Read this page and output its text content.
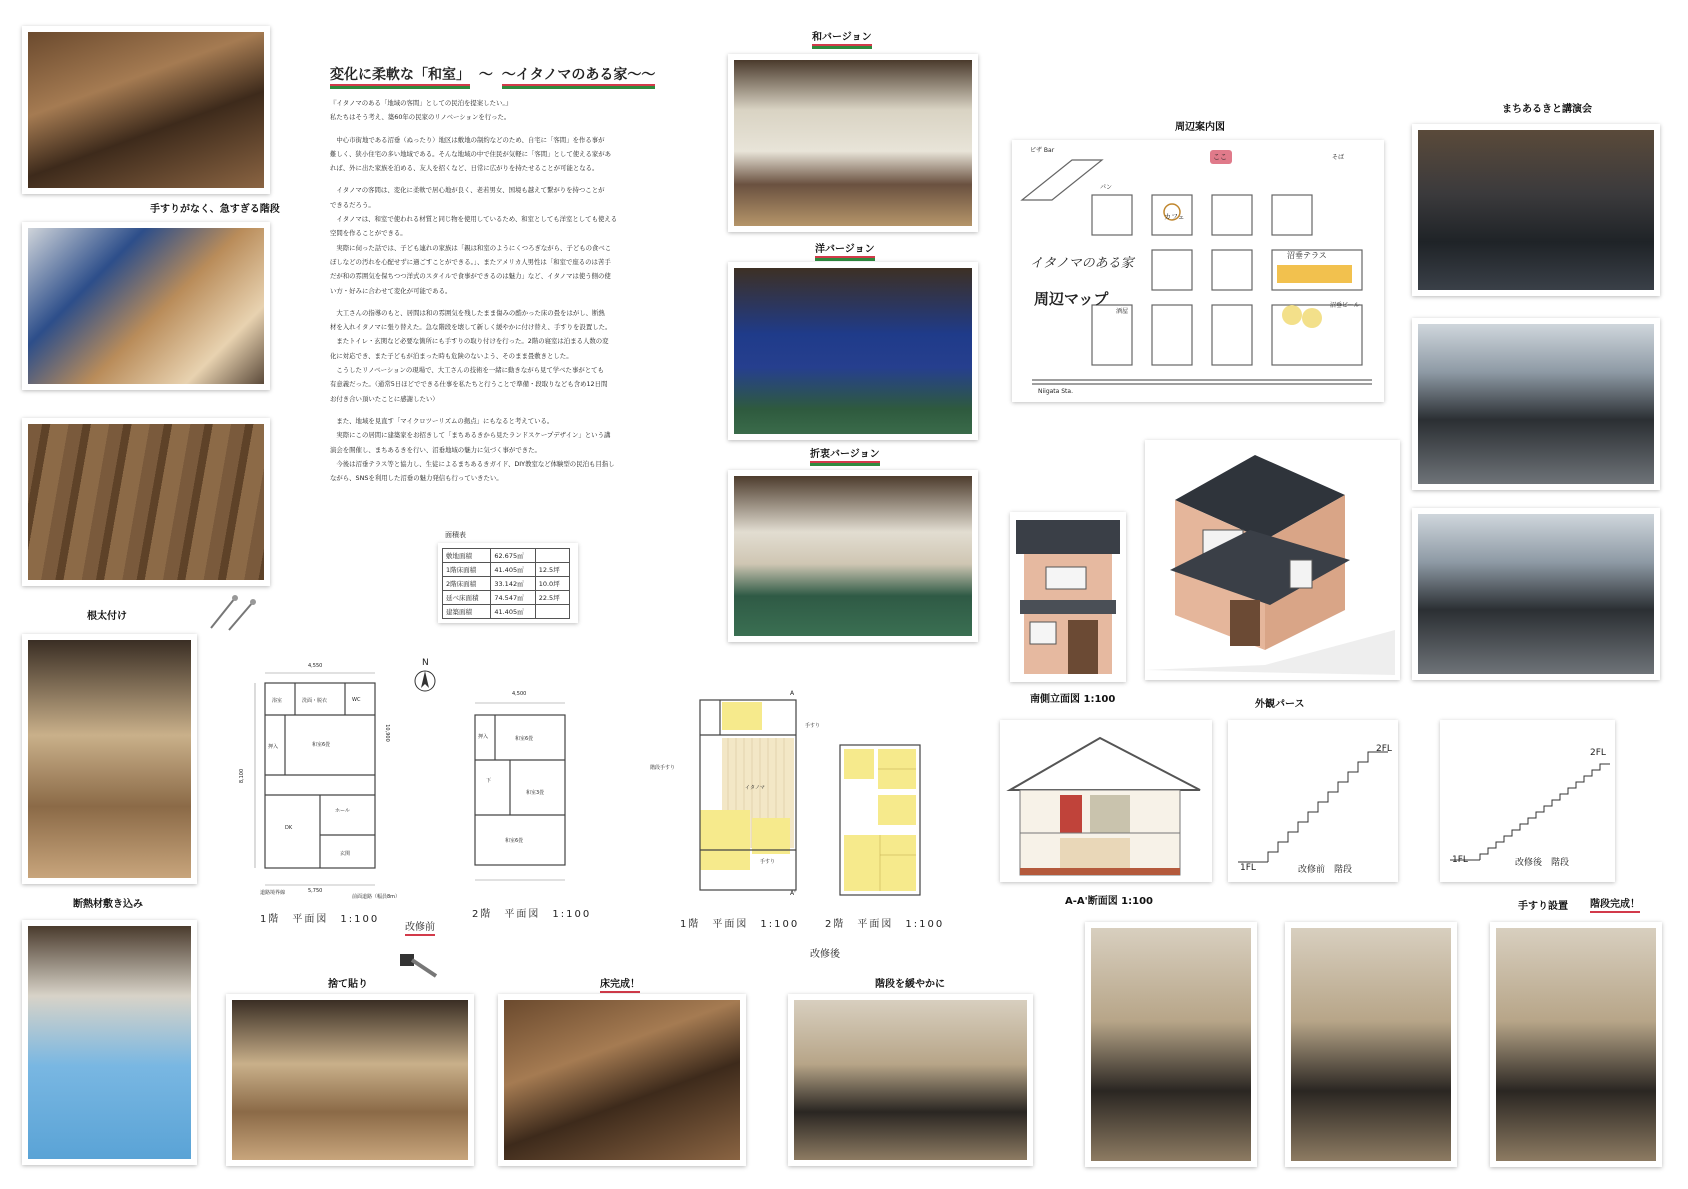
変化に柔軟な「和室」 〜 〜イタノマのある家〜〜

『イタノマのある「地域の客間」としての民泊を提案したい。』

私たちはそう考え、築60年の民家のリノベーションを行った。

　中心市街地である沼垂（ぬったり）地区は敷地の制約などのため、自宅に「客間」を作る事が

難しく、狭小住宅の多い地域である。そんな地域の中で住民が気軽に「客間」として使える家があ

れば、外に出た家族を泊める、友人を招くなど、日常に広がりを持たせることが可能となる。

　イタノマの客間は、変化に柔軟で居心地が良く、老若男女、国境も越えて繋がりを持つことが

できるだろう。

　イタノマは、和室で使われる材質と同じ物を使用しているため、和室としても洋室としても使える

空間を作ることができる。

　実際に伺った話では、子ども連れの家族は「親は和室のようにくつろぎながら、子どもの食べこ

ぼしなどの汚れを心配せずに過ごすことができる。」、またアメリカ人男性は「和室で座るのは苦手

だが和の雰囲気を保ちつつ洋式のスタイルで食事ができるのは魅力」など、イタノマは使う側の使

い方・好みに合わせて変化が可能である。

　大工さんの指導のもと、居間は和の雰囲気を残したまま傷みの酷かった床の畳をはがし、断熱

材を入れイタノマに張り替えた。急な階段を壊して新しく緩やかに付け替え、手すりを設置した。

　またトイレ・玄関など必要な箇所にも手すりの取り付けを行った。2階の寝室は泊まる人数の変

化に対応でき、また子どもが泊まった時も危険のないよう、そのまま畳敷きとした。

　こうしたリノベーションの現場で、大工さんの技術を一緒に動きながら見て学べた事がとても

有意義だった。（通常5日ほどでできる仕事を私たちと行うことで準備・段取りなども含め12日間

お付き合い頂いたことに感謝したい）

　また、地域を見直す「マイクロツーリズムの拠点」にもなると考えている。

　実際にこの居間に建築家をお招きして「まちあるきから見たランドスケープデザイン」という講

演会を開催し、まちあるきを行い、沼垂地域の魅力に気づく事ができた。

　今後は沼垂テラス等と協力し、生徒によるまちあるきガイド、DIY教室など体験型の民泊も目指し

ながら、SNSを利用した沼垂の魅力発信も行っていきたい。

面積表
敷地面積	62.675㎡	
1階床面積	41.405㎡	12.5坪
2階床面積	33.142㎡	10.0坪
延べ床面積	74.547㎡	22.5坪
建築面積	41.405㎡	
手すりがなく、急すぎる階段
根太付け
断熱材敷き込み
捨て貼り	床完成！	階段を緩やかに
手すり設置 階段完成！
和バージョン
洋バージョン
折衷バージョン
周辺案内図
イタノマのある家
周辺マップ
Niigata Sta.
カフェ
沼垂テラス
ここ
沼垂ビール
酒屋
ピザ Bar
パン
そば
まちあるきと講演会
南側立面図 1:100	外観パース
A-A'断面図 1:100
2FL
1FL	改修前　階段
2FL
1FL	改修後　階段
N
4,550
8,100
10,900
5,750
道路境界線
前面道路（幅員8m）
浴室	洗面・脱衣	WC
押入	和室6畳
ホール
DK
玄関
1階　平面図　1:100
改修前
4,500
押入	和室6畳
下
和室3畳
和室6畳
2階　平面図　1:100
イタノマ
階段手すり
手すり
手すり
A
A'
1階　平面図　1:100	2階　平面図　1:100
改修後
